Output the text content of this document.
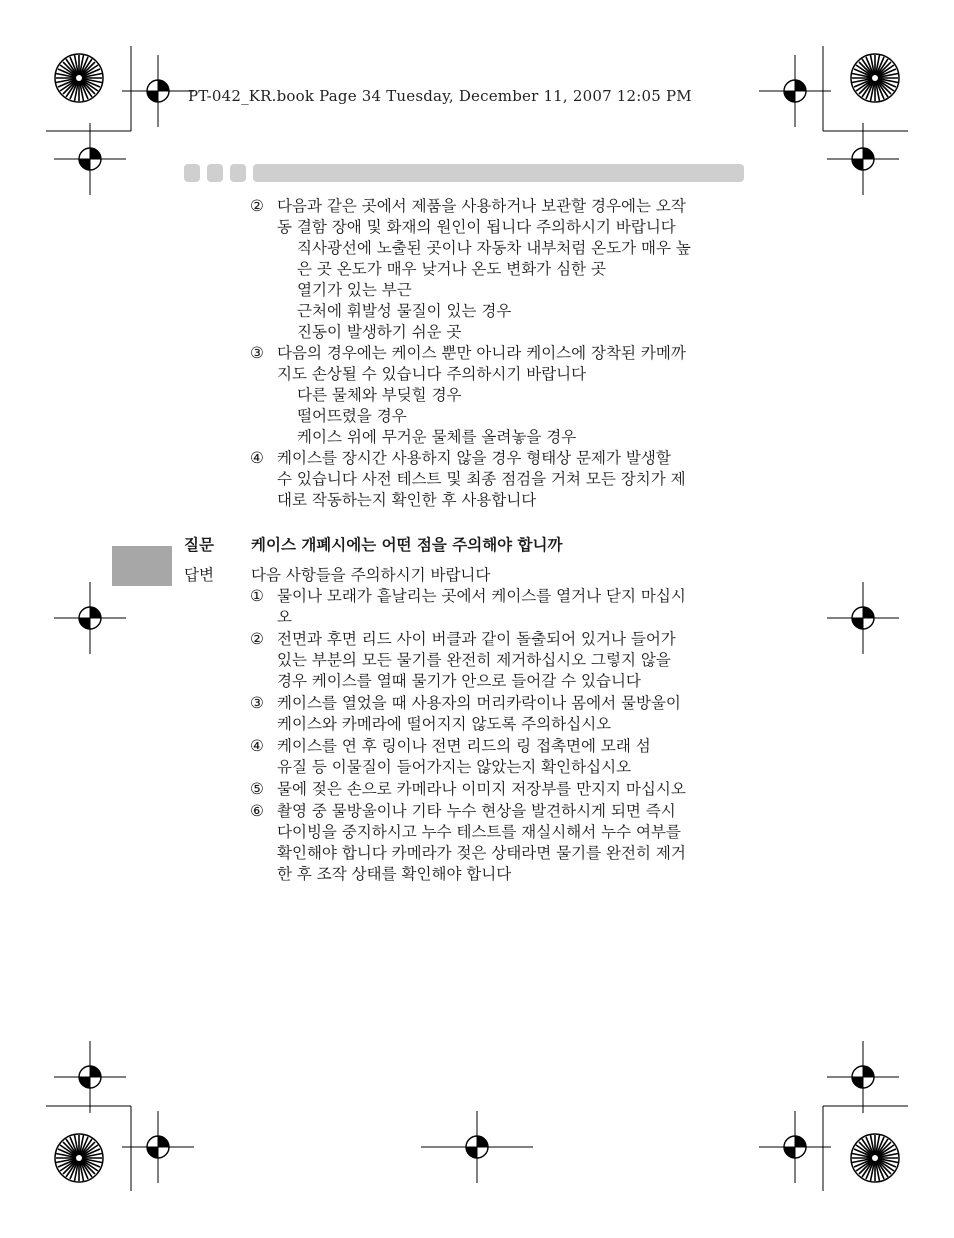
PT-042_KR.book Page 34 Tuesday, December 11, 2007 12:05 PM
질문 케이스 개폐시에는 어떤 점을 주의해야 합니까
답변 다음 사항들을 주의하시기 바랍니다
② 다음과 같은 곳에서 제품을 사용하거나 보관할 경우에는 오작
동 결함 장애 및 화재의 원인이 됩니다 주의하시기 바랍니다
직사광선에 노출된 곳이나 자동차 내부처럼 온도가 매우 높
은 곳 온도가 매우 낮거나 온도 변화가 심한 곳
열기가 있는 부근
근처에 휘발성 물질이 있는 경우
진동이 발생하기 쉬운 곳
③ 다음의 경우에는 케이스 뿐만 아니라 케이스에 장착된 카메까
지도 손상될 수 있습니다 주의하시기 바랍니다
다른 물체와 부딪힐 경우
떨어뜨렸을 경우
케이스 위에 무거운 물체를 올려놓을 경우
④ 케이스를 장시간 사용하지 않을 경우 형태상 문제가 발생할
수 있습니다 사전 테스트 및 최종 점검을 거쳐 모든 장치가 제
대로 작동하는지 확인한 후 사용합니다
① 물이나 모래가 흩날리는 곳에서 케이스를 열거나 닫지 마십시
오
② 전면과 후면 리드 사이 버클과 같이 돌출되어 있거나 들어가
있는 부분의 모든 물기를 완전히 제거하십시오 그렇지 않을
경우 케이스를 열때 물기가 안으로 들어갈 수 있습니다
③ 케이스를 열었을 때 사용자의 머리카락이나 몸에서 물방울이
케이스와 카메라에 떨어지지 않도록 주의하십시오
④ 케이스를 연 후 링이나 전면 리드의 링 접촉면에 모래 섬
유질 등 이물질이 들어가지는 않았는지 확인하십시오
⑤ 물에 젖은 손으로 카메라나 이미지 저장부를 만지지 마십시오
⑥ 촬영 중 물방울이나 기타 누수 현상을 발견하시게 되면 즉시
다이빙을 중지하시고 누수 테스트를 재실시해서 누수 여부를
확인해야 합니다 카메라가 젖은 상태라면 물기를 완전히 제거
한 후 조작 상태를 확인해야 합니다
